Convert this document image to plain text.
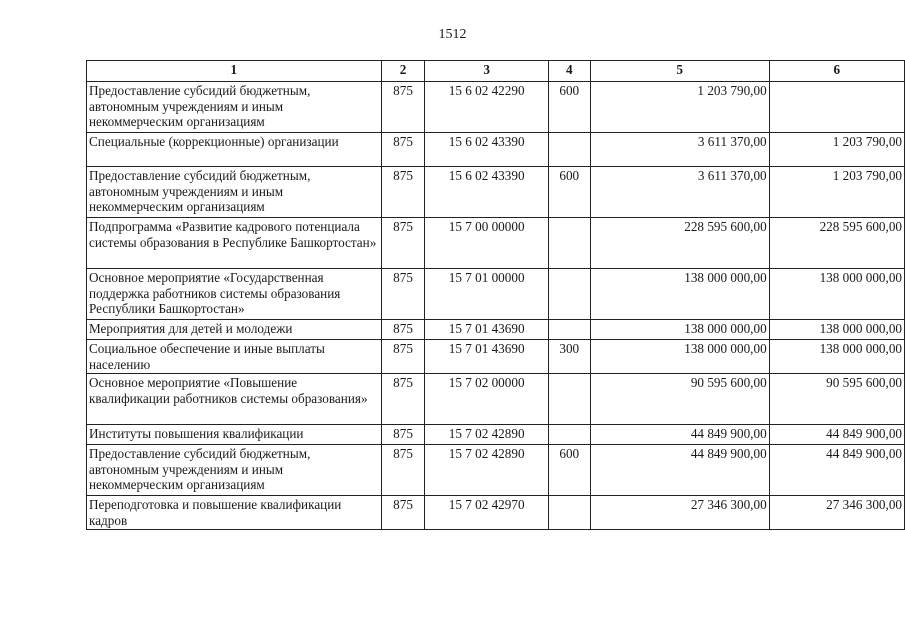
1512
1	2	3	4	5	6
Предоставление субсидий бюджетным, автономным учреждениям и иным некоммерческим организациям	875	15 6 02 42290	600	1 203 790,00	
Специальные (коррекционные) организации	875	15 6 02 43390		3 611 370,00	1 203 790,00
Предоставление субсидий бюджетным, автономным учреждениям и иным некоммерческим организациям	875	15 6 02 43390	600	3 611 370,00	1 203 790,00
Подпрограмма «Развитие кадрового потенциала системы образования в Республике Башкортостан»	875	15 7 00 00000		228 595 600,00	228 595 600,00
Основное мероприятие «Государственная поддержка работников системы образования Республики Башкортостан»	875	15 7 01 00000		138 000 000,00	138 000 000,00
Мероприятия для детей и молодежи	875	15 7 01 43690		138 000 000,00	138 000 000,00
Социальное обеспечение и иные выплаты населению	875	15 7 01 43690	300	138 000 000,00	138 000 000,00
Основное мероприятие «Повышение квалификации работников системы образования»	875	15 7 02 00000		90 595 600,00	90 595 600,00
Институты повышения квалификации	875	15 7 02 42890		44 849 900,00	44 849 900,00
Предоставление субсидий бюджетным, автономным учреждениям и иным некоммерческим организациям	875	15 7 02 42890	600	44 849 900,00	44 849 900,00
Переподготовка и повышение квалификации кадров	875	15 7 02 42970		27 346 300,00	27 346 300,00
